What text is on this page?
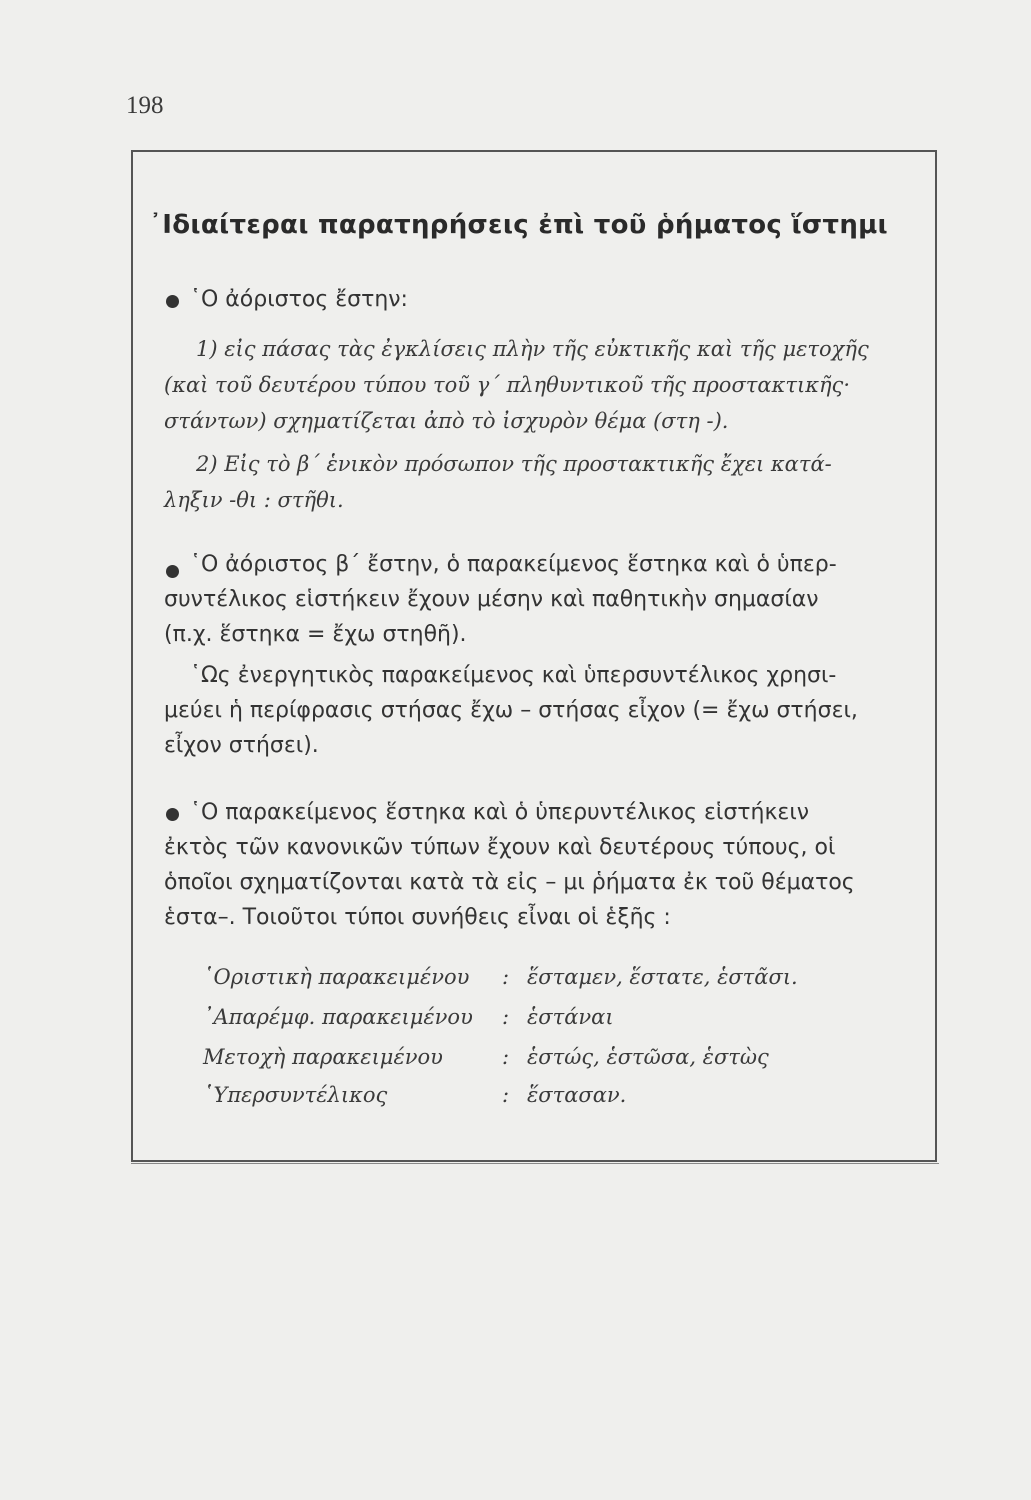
198
᾽Ιδιαίτεραι παρατηρήσεις ἐπὶ τοῦ ῥήματος ἵστημι
῾Ο ἀόριστος ἔστην:
1) εἰς πάσας τὰς ἐγκλίσεις πλὴν τῆς εὐκτικῆς καὶ τῆς μετοχῆς
(καὶ τοῦ δευτέρου τύπου τοῦ γ΄ πληθυντικοῦ τῆς προστακτικῆς·
στάντων) σχηματίζεται ἀπὸ τὸ ἰσχυρὸν θέμα (στη -).
2) Εἰς τὸ β΄ ἑνικὸν πρόσωπον τῆς προστακτικῆς ἔχει κατά-
ληξιν -θι : στῆθι.
῾Ο ἀόριστος β΄ ἔστην, ὁ παρακείμενος ἕστηκα καὶ ὁ ὑπερ-
συντέλικος εἱστήκειν ἔχουν μέσην καὶ παθητικὴν σημασίαν
(π.χ. ἕστηκα = ἔχω στηθῆ).
῾Ως ἐνεργητικὸς παρακείμενος καὶ ὑπερσυντέλικος χρησι-
μεύει ἡ περίφρασις στήσας ἔχω – στήσας εἶχον (= ἔχω στήσει,
εἶχον στήσει).
῾Ο παρακείμενος ἕστηκα καὶ ὁ ὑπερυντέλικος εἱστήκειν
ἐκτὸς τῶν κανονικῶν τύπων ἔχουν καὶ δευτέρους τύπους, οἱ
ὁποῖοι σχηματίζονται κατὰ τὰ εἰς – μι ῥήματα ἐκ τοῦ θέματος
ἑστα–. Τοιοῦτοι τύποι συνήθεις εἶναι οἱ ἑξῆς :
῾Οριστικὴ παρακειμένου : ἕσταμεν, ἕστατε, ἑστᾶσι.
᾽Απαρέμφ. παρακειμένου : ἑστάναι
Μετοχὴ παρακειμένου	: ἑστώς, ἑστῶσα, ἑστὼς
῾Υπερσυντέλικος	: ἕστασαν.
